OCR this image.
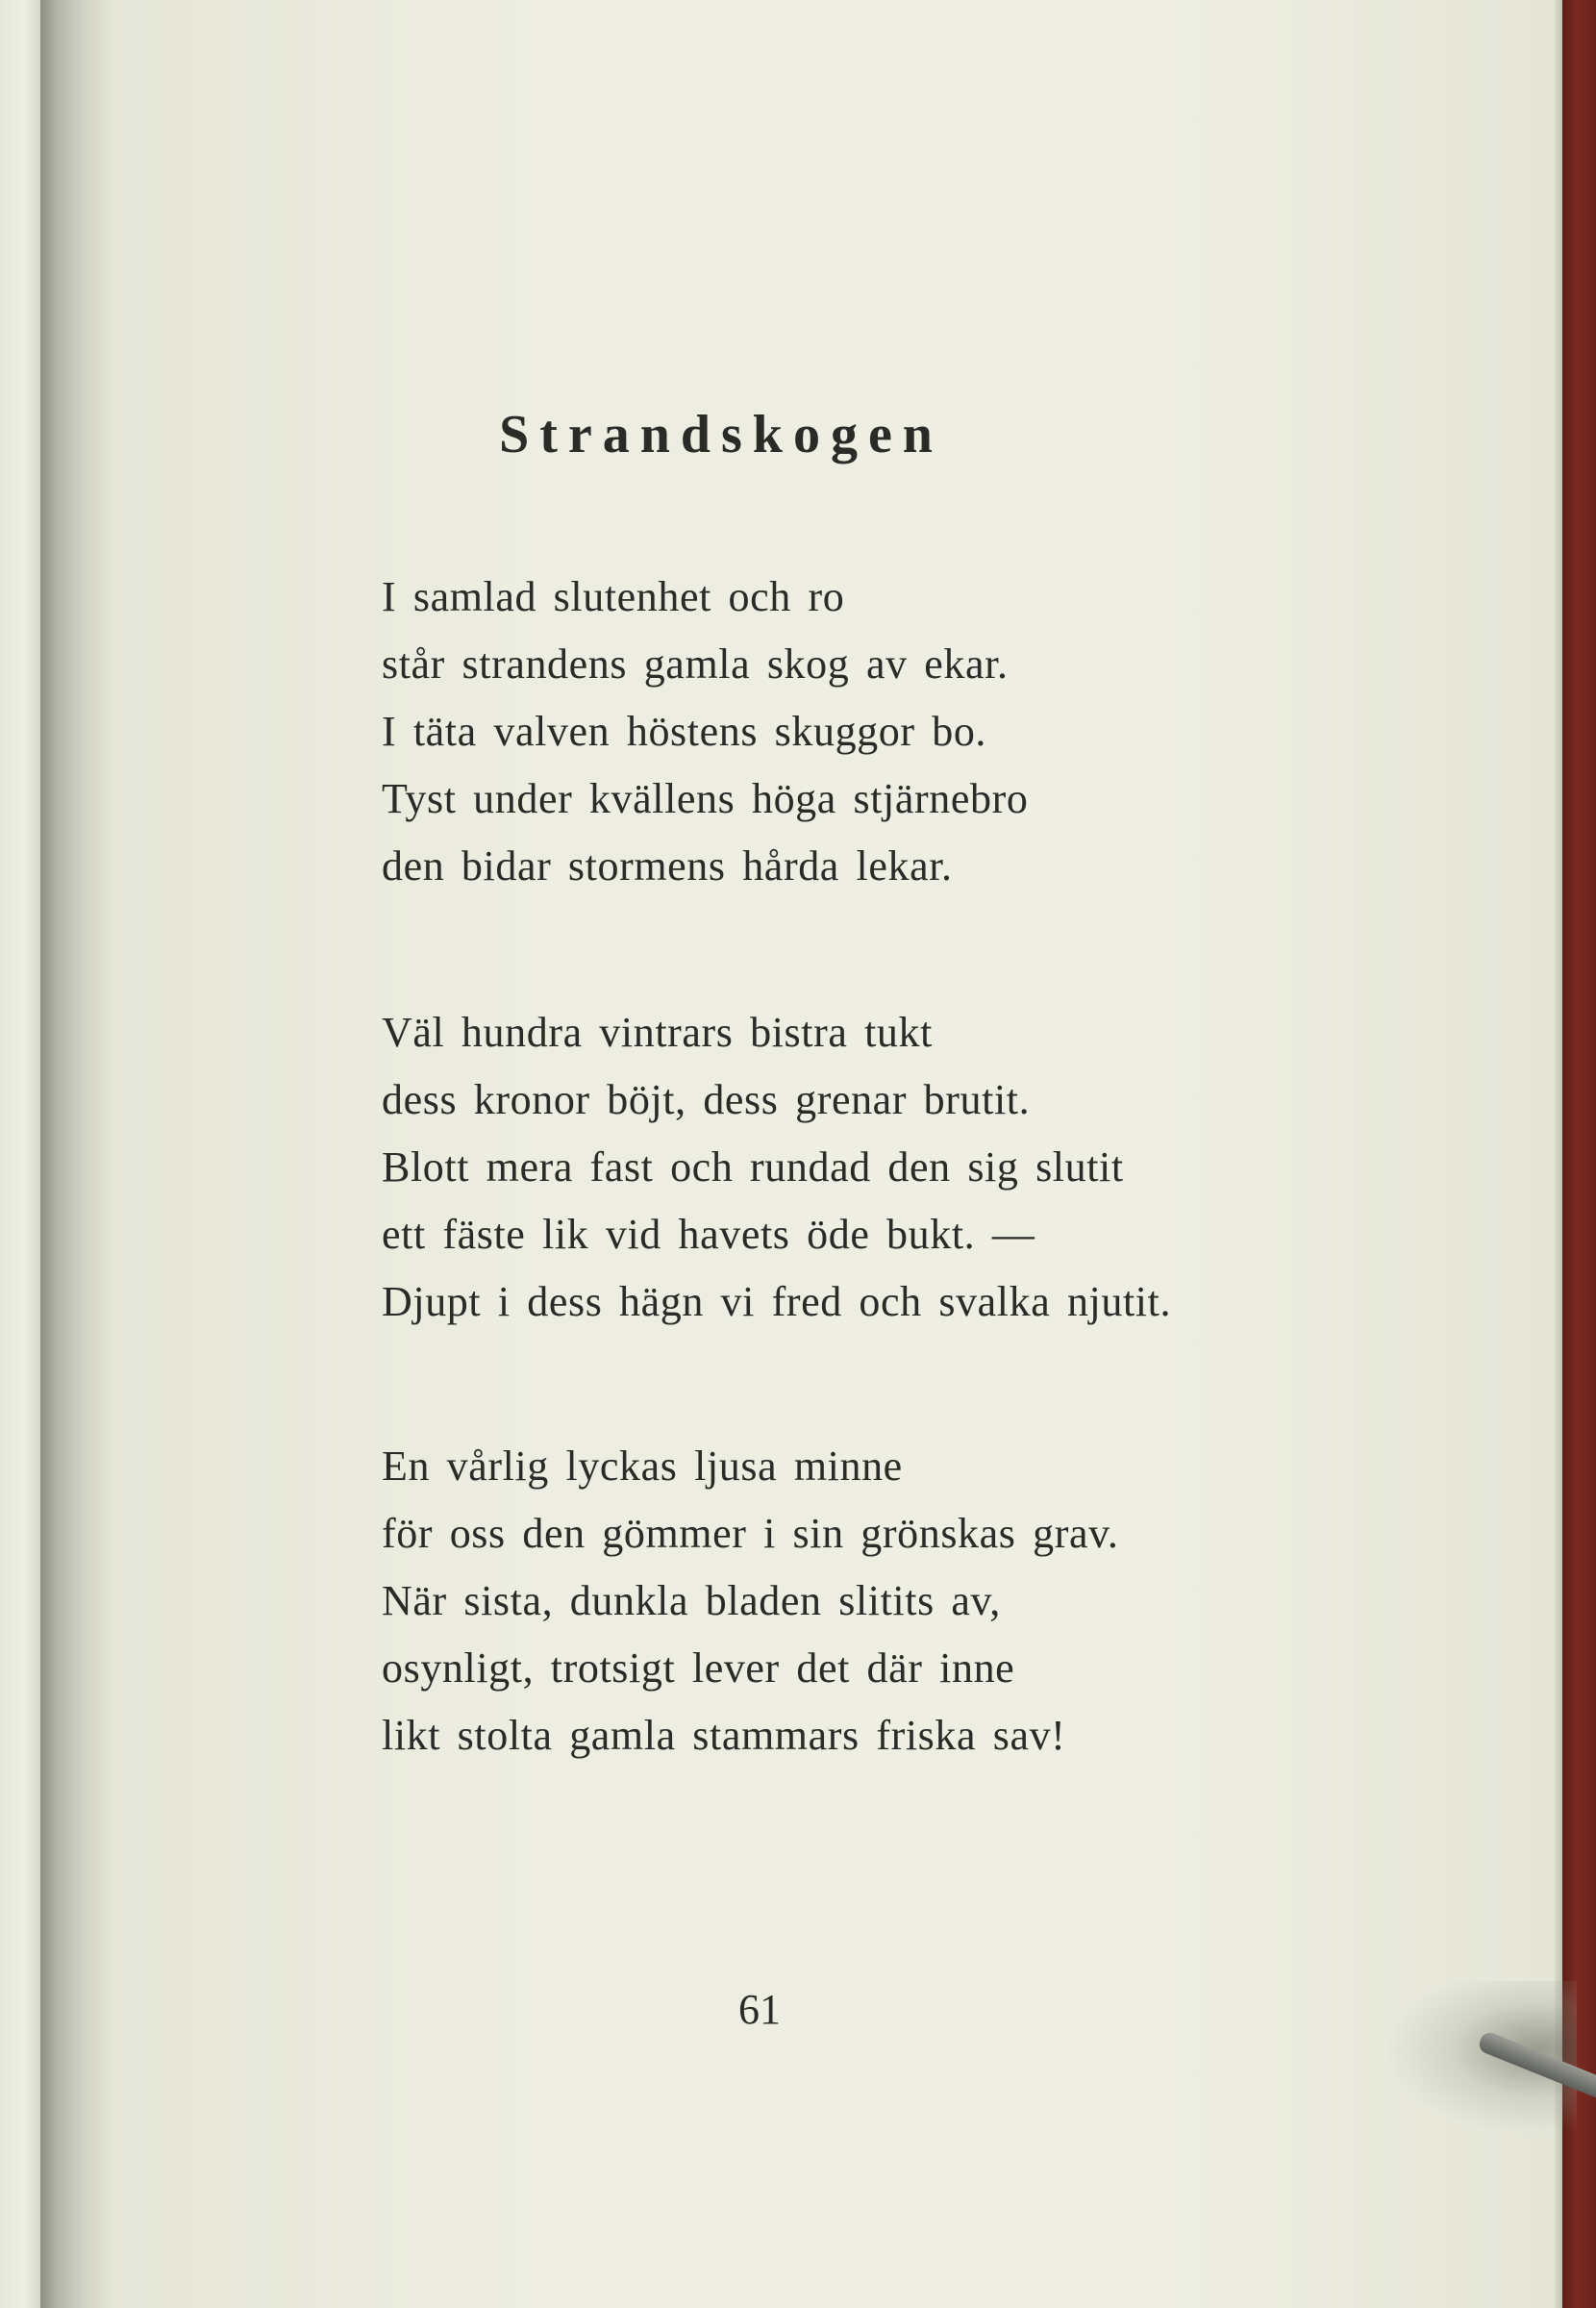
Strandskogen
I samlad slutenhet och ro
står strandens gamla skog av ekar.
I täta valven höstens skuggor bo.
Tyst under kvällens höga stjärnebro
den bidar stormens hårda lekar.
Väl hundra vintrars bistra tukt
dess kronor böjt, dess grenar brutit.
Blott mera fast och rundad den sig slutit
ett fäste lik vid havets öde bukt. —
Djupt i dess hägn vi fred och svalka njutit.
En vårlig lyckas ljusa minne
för oss den gömmer i sin grönskas grav.
När sista, dunkla bladen slitits av,
osynligt, trotsigt lever det där inne
likt stolta gamla stammars friska sav!
61
